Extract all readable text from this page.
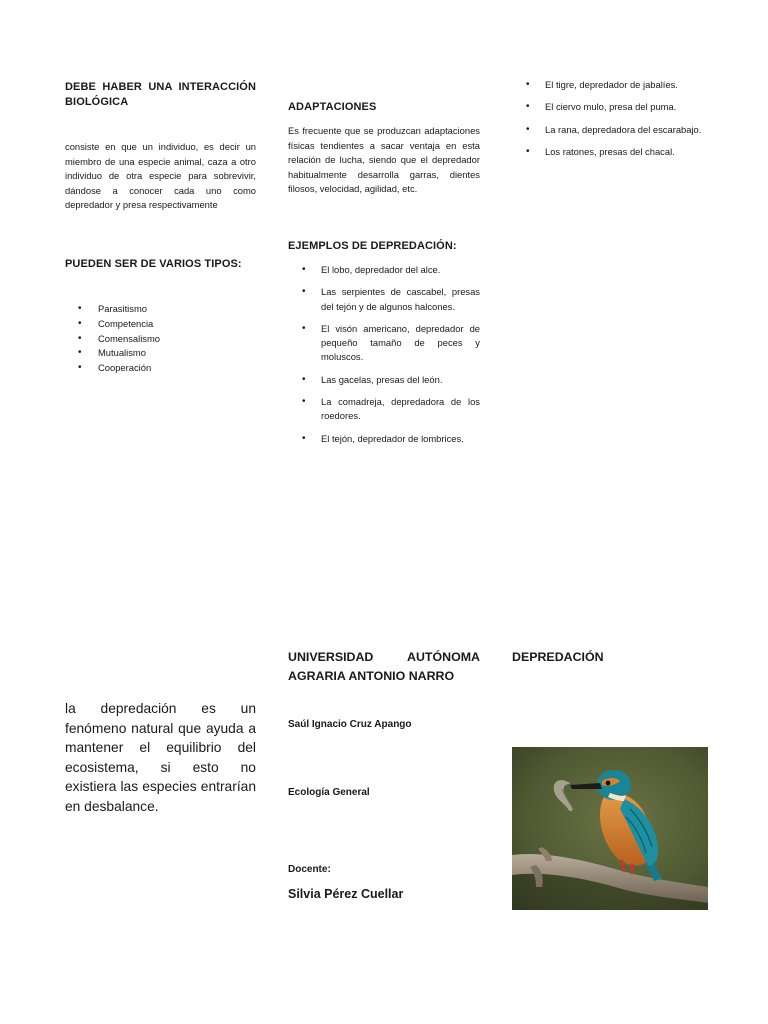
DEBE HABER UNA INTERACCIÓN BIOLÓGICA
consiste en que un individuo, es decir un miembro de una especie animal, caza a otro individuo de otra especie para sobrevivir, dándose a conocer cada uno como depredador y presa respectivamente
PUEDEN SER DE VARIOS TIPOS:
• Parasitismo
• Competencia
• Comensalismo
• Mutualismo
• Cooperación
ADAPTACIONES
Es frecuente que se produzcan adaptaciones físicas tendientes a sacar ventaja en esta relación de lucha, siendo que el depredador habitualmente desarrolla garras, dientes filosos, velocidad, agilidad, etc.
EJEMPLOS DE DEPREDACIÓN:
• El lobo, depredador del alce.
• Las serpientes de cascabel, presas del tejón y de algunos halcones.
• El visón americano, depredador de pequeño tamaño de peces y moluscos.
• Las gacelas, presas del león.
• La comadreja, depredadora de los roedores.
• El tejón, depredador de lombrices.
• El tigre, depredador de jabalíes.
• El ciervo mulo, presa del puma.
• La rana, depredadora del escarabajo.
• Los ratones, presas del chacal.
la depredación es un fenómeno natural que ayuda a mantener el equilibrio del ecosistema, si esto no existiera las especies entrarían en desbalance.
UNIVERSIDAD AUTÓNOMA AGRARIA ANTONIO NARRO
Saúl Ignacio Cruz Apango
Ecología General
Docente:
Silvia Pérez Cuellar
DEPREDACIÓN
